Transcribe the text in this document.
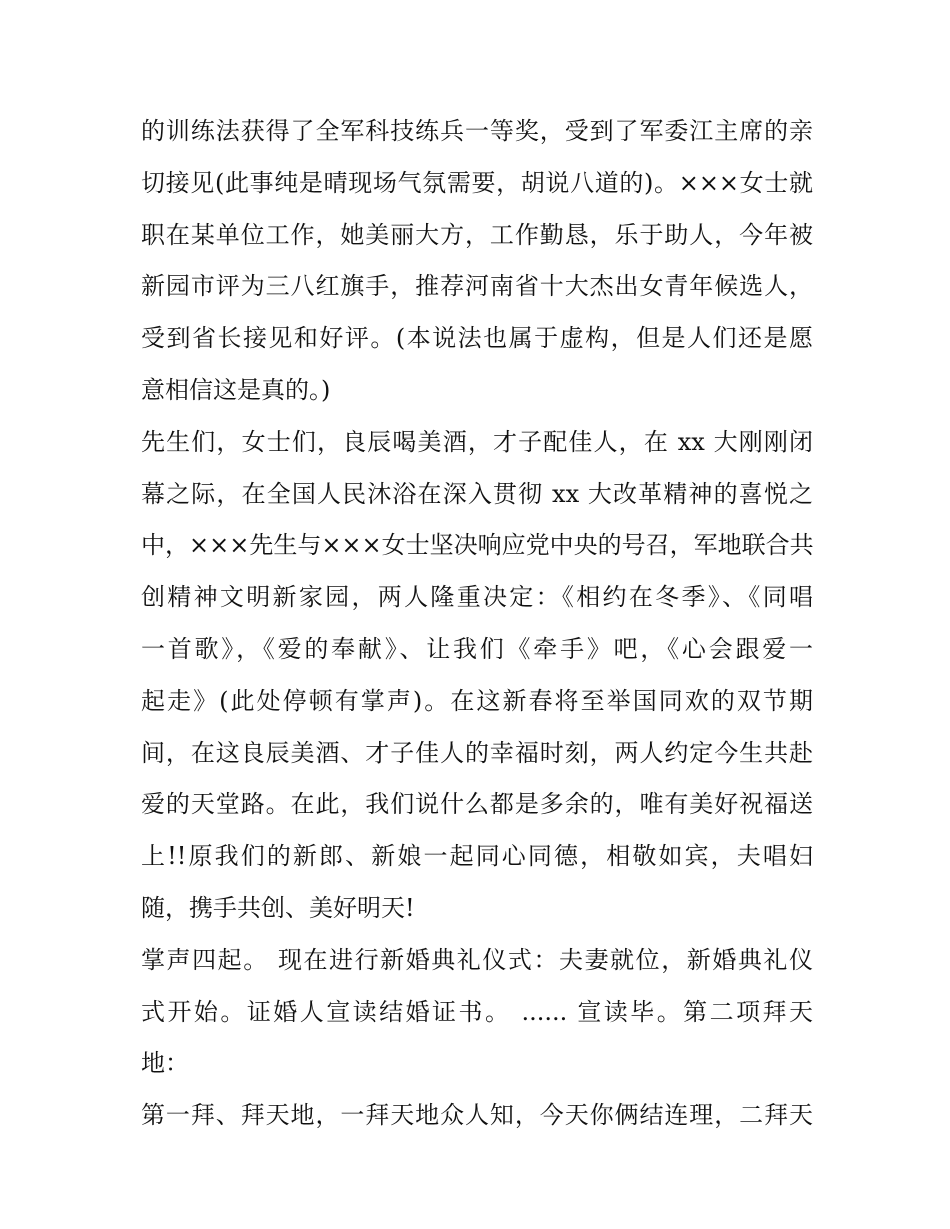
的训练法获得了全军科技练兵一等奖，受到了军委江主席的亲
切接见(此事纯是晴现场气氛需要，胡说八道的)。×××女士就
职在某单位工作，她美丽大方，工作勤恳，乐于助人，今年被
新园市评为三八红旗手，推荐河南省十大杰出女青年候选人，
受到省长接见和好评。(本说法也属于虚构，但是人们还是愿
意相信这是真的。)
先生们，女士们，良辰喝美酒，才子配佳人，在 xx 大刚刚闭
幕之际，在全国人民沐浴在深入贯彻 xx 大改革精神的喜悦之
中，×××先生与×××女士坚决响应党中央的号召，军地联合共
创精神文明新家园，两人隆重决定：《相约在冬季》、《同唱
一首歌》，《爱的奉献》、让我们《牵手》吧，《心会跟爱一
起走》(此处停顿有掌声)。在这新春将至举国同欢的双节期
间，在这良辰美酒、才子佳人的幸福时刻，两人约定今生共赴
爱的天堂路。在此，我们说什么都是多余的，唯有美好祝福送
上!!原我们的新郎、新娘一起同心同德，相敬如宾，夫唱妇
随，携手共创、美好明天!
掌声四起。 现在进行新婚典礼仪式：夫妻就位，新婚典礼仪
式开始。证婚人宣读结婚证书。 ...... 宣读毕。第二项拜天
地：
第一拜、拜天地，一拜天地众人知，今天你俩结连理，二拜天
